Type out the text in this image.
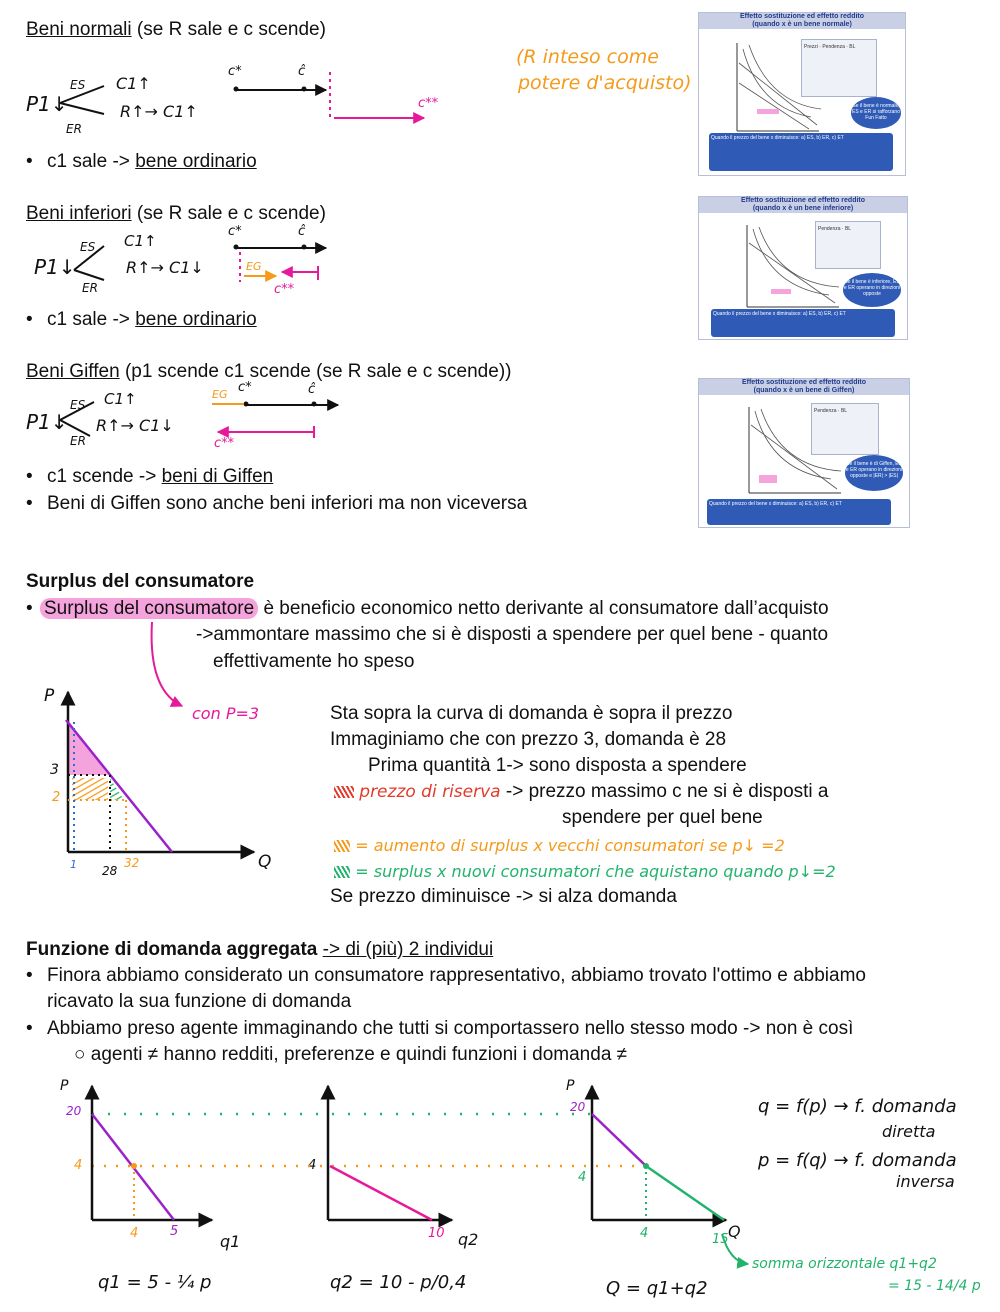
Beni normali (se R sale e c scende)
P1↓
ES
ER
C1↑
R↑→ C1↑
c*	ĉ
c**
(R inteso come
potere d'acquisto)
• c1 sale -> bene ordinario
Beni inferiori (se R sale e c scende)
P1↓
ES
ER
C1↑
R↑→ C1↓
c*	ĉ
EG
c**
• c1 sale -> bene ordinario
Beni Giffen (p1 scende c1 scende (se R sale e c scende))
P1↓
ES
ER
C1↑
R↑→ C1↓
c*	ĉ
EG
c**
• c1 scende -> beni di Giffen
• Beni di Giffen sono anche beni inferiori ma non viceversa
Effetto sostituzione ed effetto reddito
(quando x è un bene normale)
Prezzi · Pendenza · BL
Se il bene è normale, ES e ER si rafforzano Fun Fatto
Quando il prezzo del bene x diminuisce: a) ES, b) ER, c) ET
Effetto sostituzione ed effetto reddito
(quando x è un bene inferiore)
Pendenza · BL
Se il bene è inferiore, ES e ER operano in direzioni opposte
Quando il prezzo del bene x diminuisce: a) ES, b) ER, c) ET
Effetto sostituzione ed effetto reddito
(quando x è un bene di Giffen)
Pendenza · BL
Se il bene è di Giffen, ES e ER operano in direzioni opposte e |ER| > |ES|
Quando il prezzo del bene x diminuisce: a) ES, b) ER, c) ET
Surplus del consumatore
• Surplus del consumatore è beneficio economico netto derivante al consumatore dall’acquisto
->ammontare massimo che si è disposti a spendere per quel bene - quanto
effettivamente ho speso
con P=3
P
Q
3
2
1 28
32
Sta sopra la curva di domanda è sopra il prezzo
Immaginiamo che con prezzo 3, domanda è 28
Prima quantità 1-> sono disposta a spendere
prezzo di riserva -> prezzo massimo c ne si è disposti a
spendere per quel bene
= aumento di surplus x vecchi consumatori se p↓ =2
= surplus x nuovi consumatori che aquistano quando p↓=2
Se prezzo diminuisce -> si alza domanda
Funzione di domanda aggregata -> di (più) 2 individui
• Finora abbiamo considerato un consumatore rappresentativo, abbiamo trovato l'ottimo e abbiamo
ricavato la sua funzione di domanda
• Abbiamo preso agente immaginando che tutti si comportassero nello stesso modo -> non è così
○ agenti ≠ hanno redditi, preferenze e quindi funzioni i domanda ≠
P
20
4
4 5
q1
q1 = 5 - ¼ p
4
10 q2
q2 = 10 - p/0,4
P
20
4
4	15 Q
Q = q1+q2
q = f(p) → f. domanda
diretta
p = f(q) → f. domanda
inversa
somma orizzontale q1+q2
= 15 - 14/4 p
